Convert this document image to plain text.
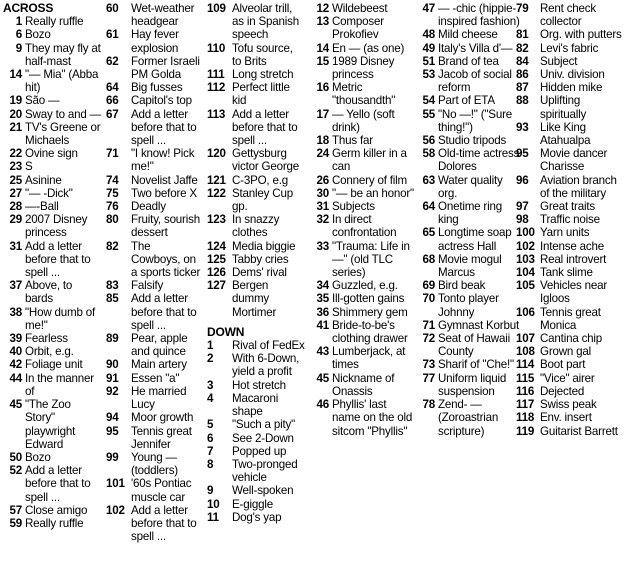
ACROSS
1 Really ruffle
6 Bozo
9 They may fly at half-mast
14 "— Mia" (Abba hit)
19 São —
20 Sway to and —
21 TV's Greene or Michaels
22 Ovine sign
23 S
25 Asinine
27 "— -Dick"
28 —-Ball
29 2007 Disney princess
31 Add a letter before that to spell ...
37 Above, to bards
38 "How dumb of me!"
39 Fearless
40 Orbit, e.g.
42 Foliage unit
44 In the manner of
45 "The Zoo Story" playwright Edward
50 Bozo
52 Add a letter before that to spell ...
57 Close amigo
59 Really ruffle
60	Wet-weather headgear
61	Hay fever explosion
62	Former Israeli PM Golda
64	Big fusses
66	Capitol's top
67	Add a letter before that to spell ...
71	"I know! Pick me!"
74	Novelist Jaffe
75	Two before X
76	Deadly
80	Fruity, sourish dessert
82	The Cowboys, on a sports ticker
83	Falsify
85	Add a letter before that to spell ...
89	Pear, apple and quince
90	Main artery
91	Essen "a"
92	He married Lucy
94	Moor growth
95	Tennis great Jennifer
99	Young — (toddlers)
101 '60s Pontiac muscle car
102 Add a letter before that to spell ...
109 Alveolar trill, as in Spanish speech
110 Tofu source, to Brits
111 Long stretch
112 Perfect little kid
113 Add a letter before that to spell ...
120 Gettysburg victor George
121 C-3PO, e.g
122 Stanley Cup gp.
123 In snazzy clothes
124 Media biggie
125 Tabby cries
126 Dems' rival
127 Bergen dummy Mortimer
DOWN
1	Rival of FedEx
2	With 6-Down, yield a profit
3	Hot stretch
4	Macaroni shape
5	"Such a pity"
6	See 2-Down
7	Popped up
8	Two-pronged vehicle
9	Well-spoken
10	E-giggle
11	Dog's yap
12 Wildebeest
13 Composer Prokofiev
14 En — (as one)
15 1989 Disney princess
16 Metric "thousandth"
17 — Yello (soft drink)
18 Thus far
24 Germ killer in a can
26 Connery of film
30 "— be an honor"
31 Subjects
32 In direct confrontation
33 "Trauma: Life in —" (old TLC series)
34 Guzzled, e.g.
35 Ill-gotten gains
36 Shimmery gem
41 Bride-to-be's clothing drawer
43 Lumberjack, at times
45 Nickname of Onassis
46 Phyllis' last name on the old sitcom "Phyllis"
47 — -chic (hippie-inspired fashion)
48 Mild cheese
49 Italy's Villa d'—
51 Brand of tea
53 Jacob of social reform
54 Part of ETA
55 "No —!" ("Sure thing!")
56 Studio tripods
58 Old-time actress Dolores
63 Water quality org.
64 Onetime ring king
65 Longtime soap actress Hall
68 Movie mogul Marcus
69 Bird beak
70 Tonto player Johnny
71 Gymnast Korbut
72 Seat of Hawaii County
73 Sharif of "Che!"
77 Uniform liquid suspension
78 Zend- — (Zoroastrian scripture)
79 Rent check collector
81 Org. with putters
82 Levi's fabric
84 Subject
86 Univ. division
87 Hidden mike
88 Uplifting spiritually
93 Like King Atahualpa
95 Movie dancer Charisse
96 Aviation branch of the military
97 Great traits
98 Traffic noise
100 Yarn units
102 Intense ache
103 Real introvert
104 Tank slime
105 Vehicles near Igloos
106 Tennis great Monica
107 Cantina chip
108 Grown gal
114 Boot part
115 "Vice" airer
116 Dejected
117 Swiss peak
118 Env. insert
119 Guitarist Barrett
